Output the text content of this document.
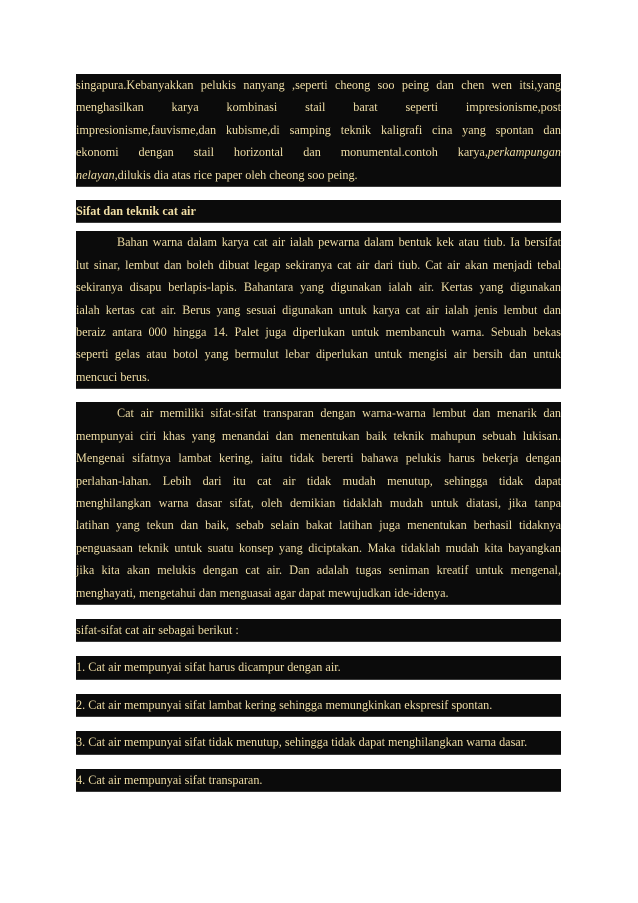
singapura.Kebanyakkan pelukis nanyang ,seperti cheong soo peing dan chen wen itsi,yang
menghasilkan karya kombinasi stail barat seperti impresionisme,post
impresionisme,fauvisme,dan kubisme,di samping teknik kaligrafi cina yang spontan dan
ekonomi dengan stail horizontal dan monumental.contoh karya,perkampungan
nelayan,dilukis dia atas rice paper oleh cheong soo peing.
Sifat dan teknik cat air
Bahan warna dalam karya cat air ialah pewarna dalam bentuk kek atau tiub. Ia bersifat
lut sinar, lembut dan boleh dibuat legap sekiranya cat air dari tiub. Cat air akan menjadi tebal
sekiranya disapu berlapis-lapis. Bahantara yang digunakan ialah air. Kertas yang digunakan
ialah kertas cat air. Berus yang sesuai digunakan untuk karya cat air ialah jenis lembut dan
beraiz antara 000 hingga 14. Palet juga diperlukan untuk membancuh warna. Sebuah bekas
seperti gelas atau botol yang bermulut lebar diperlukan untuk mengisi air bersih dan untuk
mencuci berus.
Cat air memiliki sifat-sifat transparan dengan warna-warna lembut dan menarik dan
mempunyai ciri khas yang menandai dan menentukan baik teknik mahupun sebuah lukisan.
Mengenai sifatnya lambat kering, iaitu tidak bererti bahawa pelukis harus bekerja dengan
perlahan-lahan. Lebih dari itu cat air tidak mudah menutup, sehingga tidak dapat
menghilangkan warna dasar sifat, oleh demikian tidaklah mudah untuk diatasi, jika tanpa
latihan yang tekun dan baik, sebab selain bakat latihan juga menentukan berhasil tidaknya
penguasaan teknik untuk suatu konsep yang diciptakan. Maka tidaklah mudah kita bayangkan
jika kita akan melukis dengan cat air. Dan adalah tugas seniman kreatif untuk mengenal,
menghayati, mengetahui dan menguasai agar dapat mewujudkan ide-idenya.
sifat-sifat cat air sebagai berikut :
1. Cat air mempunyai sifat harus dicampur dengan air.
2. Cat air mempunyai sifat lambat kering sehingga memungkinkan ekspresif spontan.
3. Cat air mempunyai sifat tidak menutup, sehingga tidak dapat menghilangkan warna dasar.
4. Cat air mempunyai sifat transparan.
